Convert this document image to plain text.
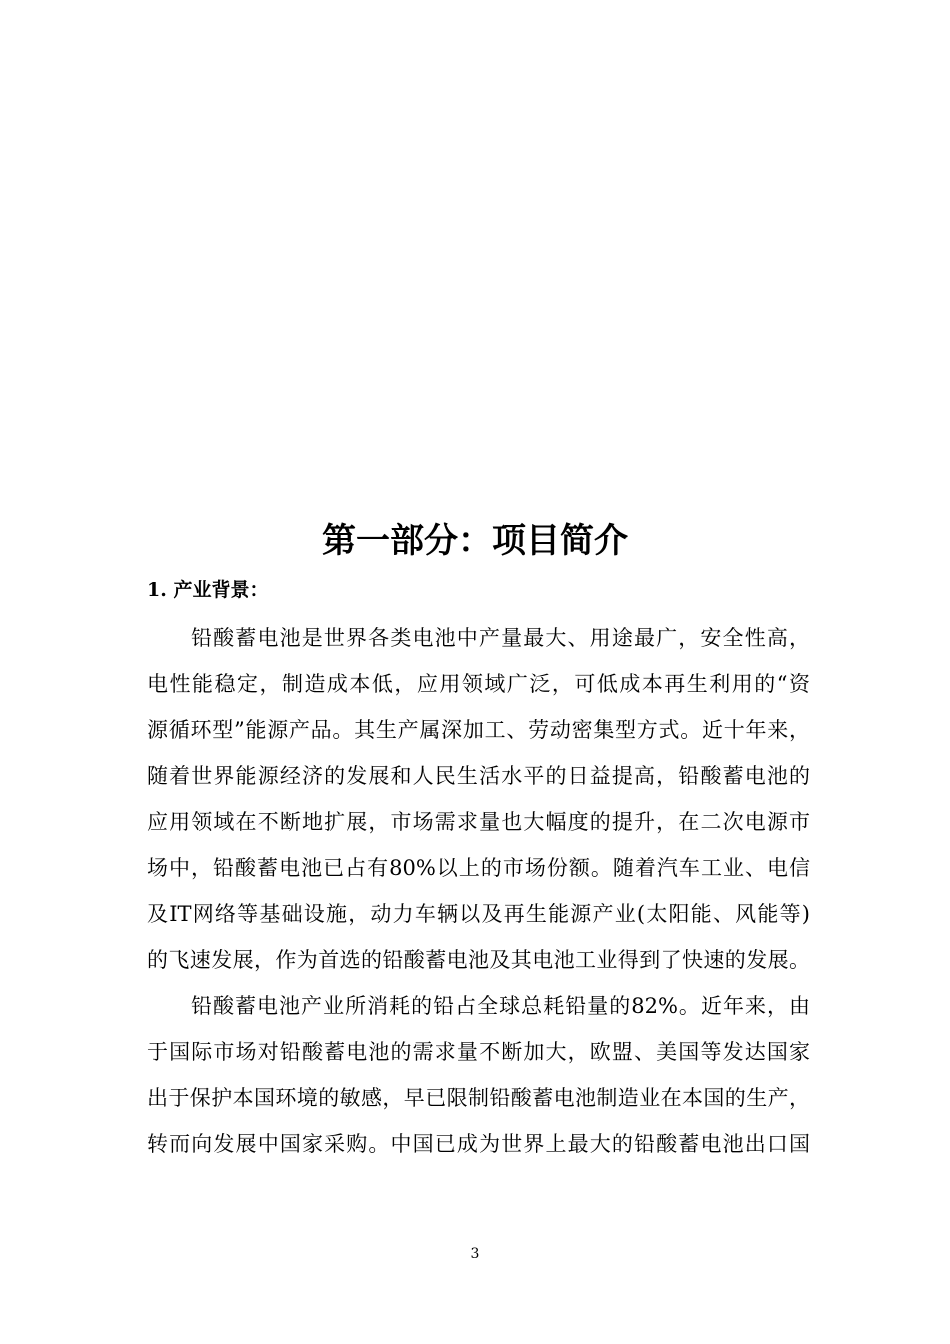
第一部分：项目简介
1. 产业背景：
铅酸蓄电池是世界各类电池中产量最大、用途最广，安全性高，
电性能稳定，制造成本低，应用领域广泛，可低成本再生利用的“资
源循环型”能源产品。其生产属深加工、劳动密集型方式。近十年来，
随着世界能源经济的发展和人民生活水平的日益提高，铅酸蓄电池的
应用领域在不断地扩展，市场需求量也大幅度的提升，在二次电源市
场中，铅酸蓄电池已占有80%以上的市场份额。随着汽车工业、电信
及IT网络等基础设施，动力车辆以及再生能源产业(太阳能、风能等)
的飞速发展，作为首选的铅酸蓄电池及其电池工业得到了快速的发展。
铅酸蓄电池产业所消耗的铅占全球总耗铅量的82%。近年来，由
于国际市场对铅酸蓄电池的需求量不断加大，欧盟、美国等发达国家
出于保护本国环境的敏感，早已限制铅酸蓄电池制造业在本国的生产，
转而向发展中国家采购。中国已成为世界上最大的铅酸蓄电池出口国
3
